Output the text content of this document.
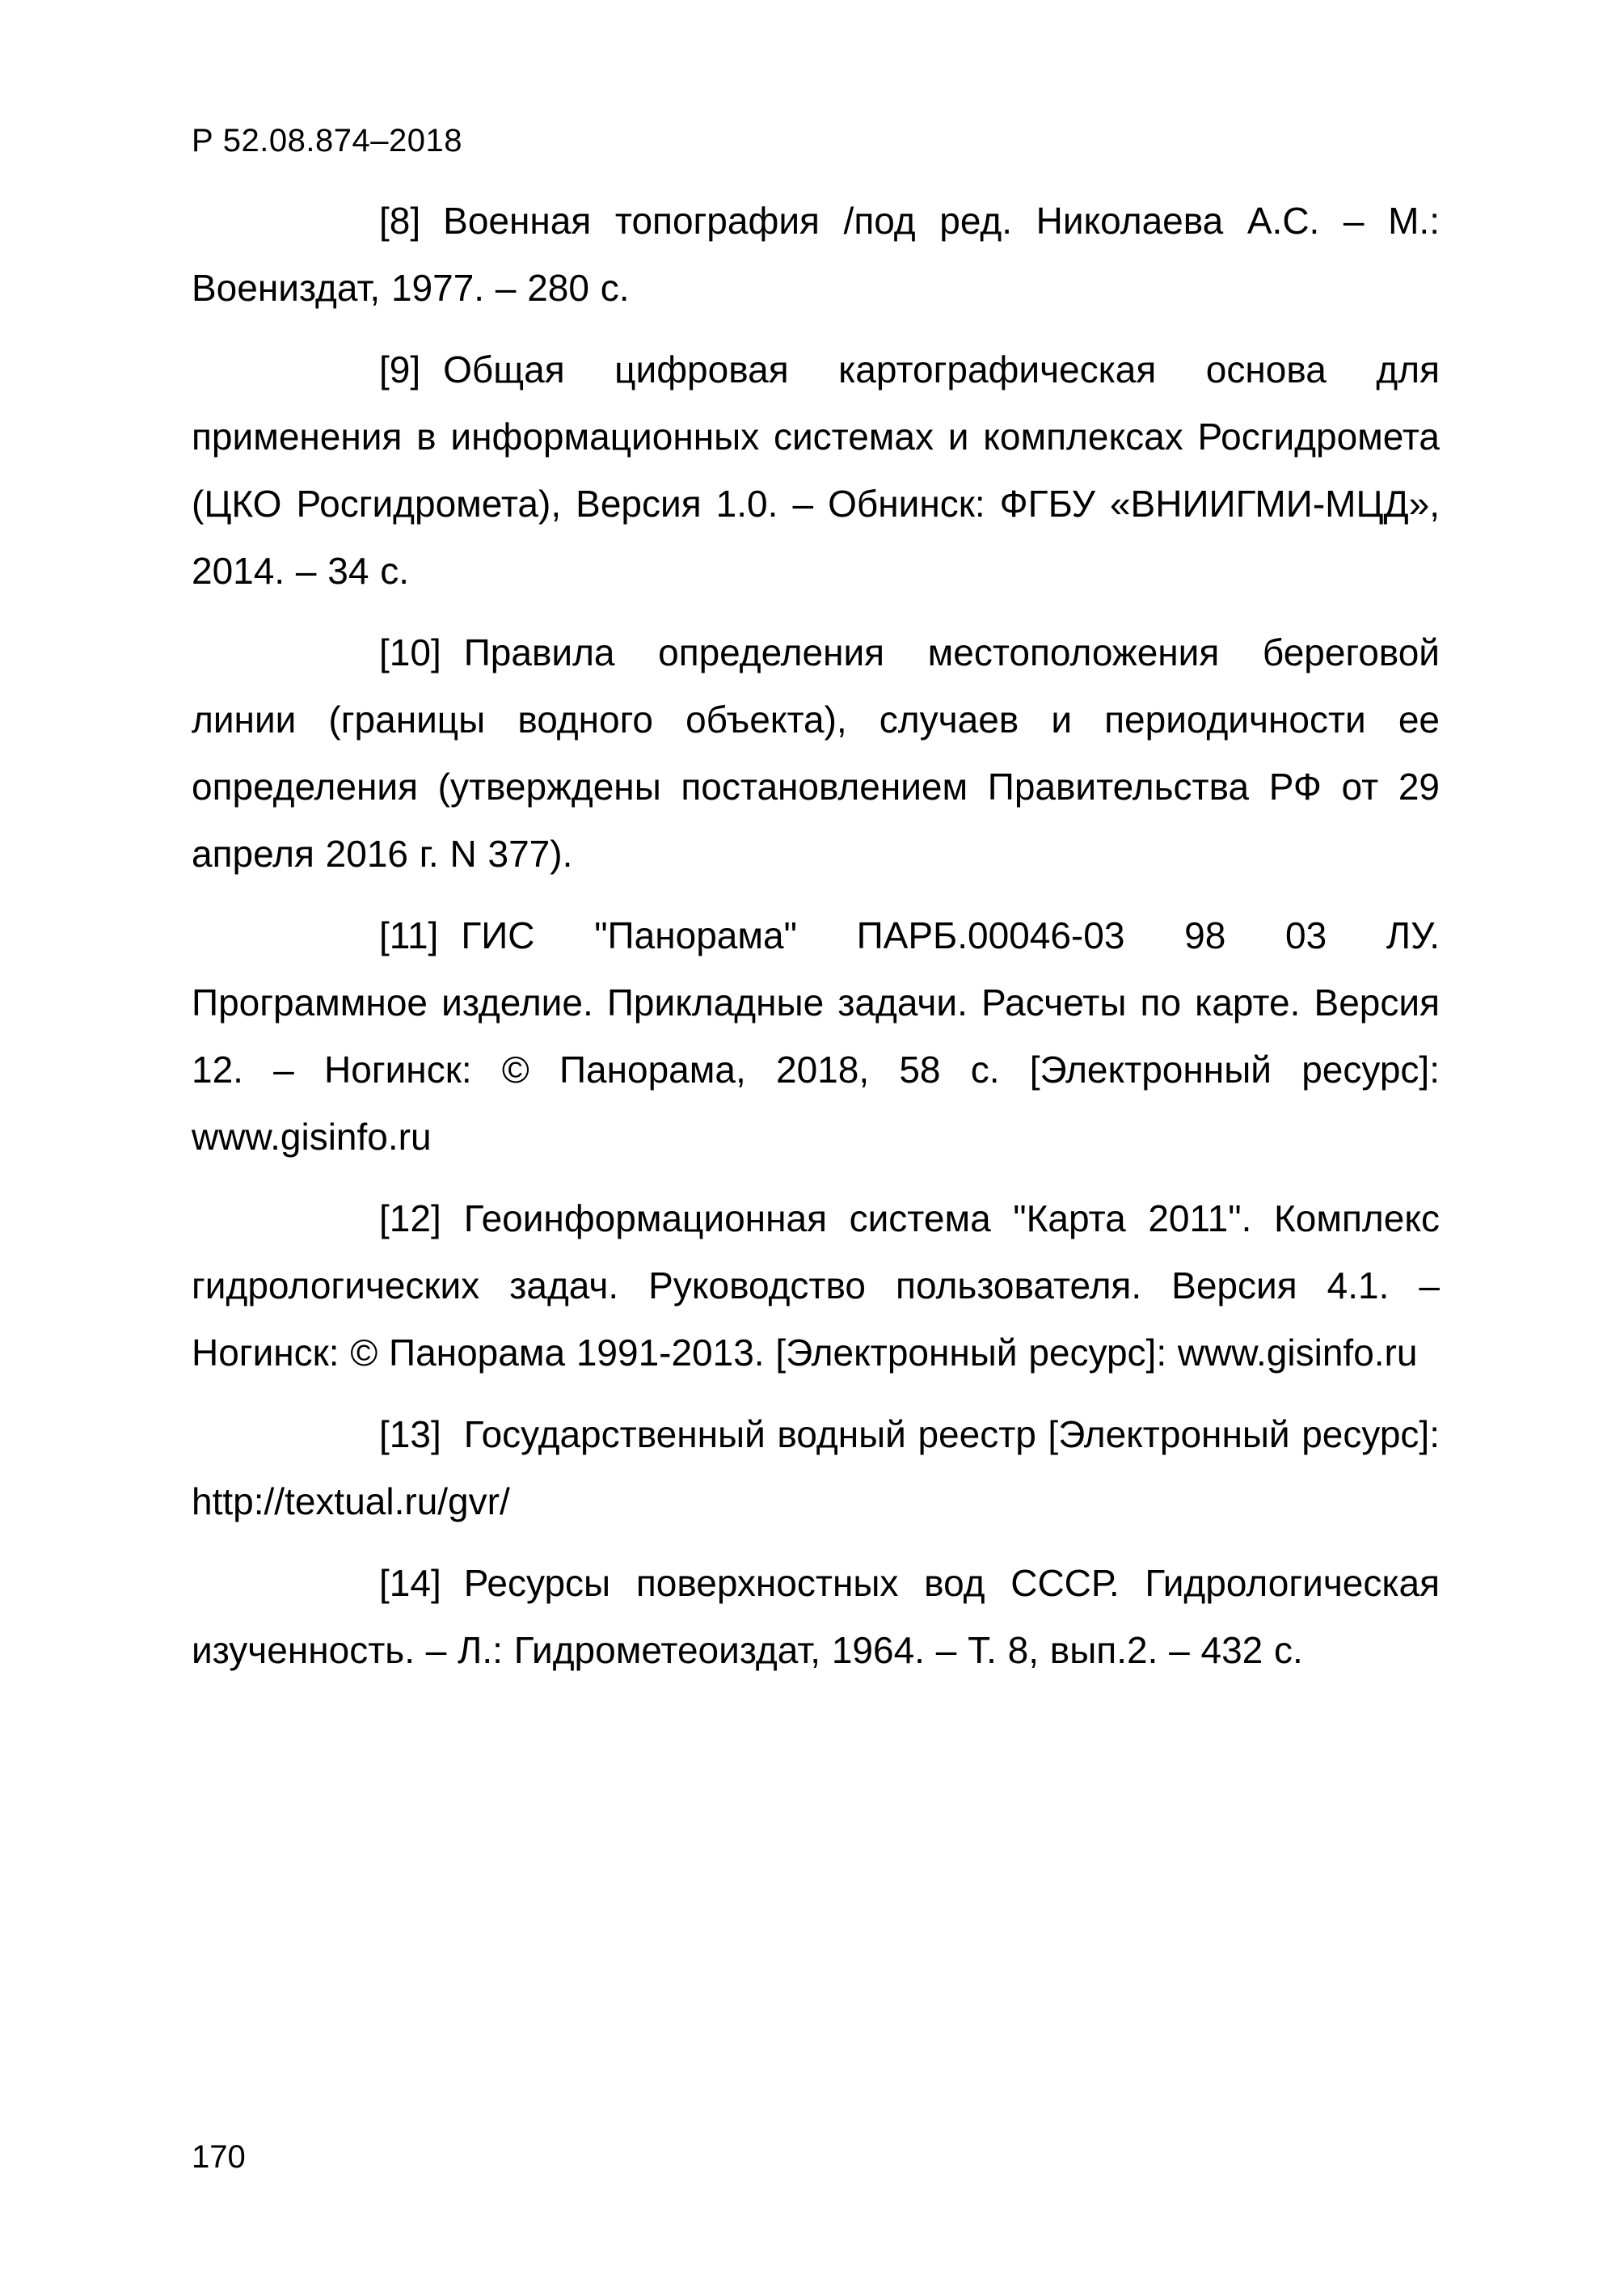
Р 52.08.874–2018

[8] Военная топография /под ред. Николаева А.С. – М.: Воениздат, 1977. – 280 с.

[9] Общая цифровая картографическая основа для применения в информационных системах и комплексах Росгидромета (ЦКО Росгидромета), Версия 1.0. – Обнинск: ФГБУ «ВНИИГМИ-МЦД», 2014. – 34 с.

[10] Правила определения местоположения береговой линии (границы водного объекта), случаев и периодичности ее определения (утверждены постановлением Правительства РФ от 29 апреля 2016 г. N 377).

[11] ГИС "Панорама" ПАРБ.00046-03 98 03 ЛУ. Программное изделие. Прикладные задачи. Расчеты по карте. Версия 12. – Ногинск: © Панорама, 2018, 58 с. [Электронный ресурс]: www.gisinfo.ru

[12] Геоинформационная система "Карта 2011". Комплекс гидрологических задач. Руководство пользователя. Версия 4.1. – Ногинск: © Панорама 1991-2013. [Электронный ресурс]: www.gisinfo.ru

[13] Государственный водный реестр [Электронный ресурс]: http://textual.ru/gvr/

[14] Ресурсы поверхностных вод СССР. Гидрологическая изученность. – Л.: Гидрометеоиздат, 1964. – Т. 8, вып.2. – 432 с.

170
